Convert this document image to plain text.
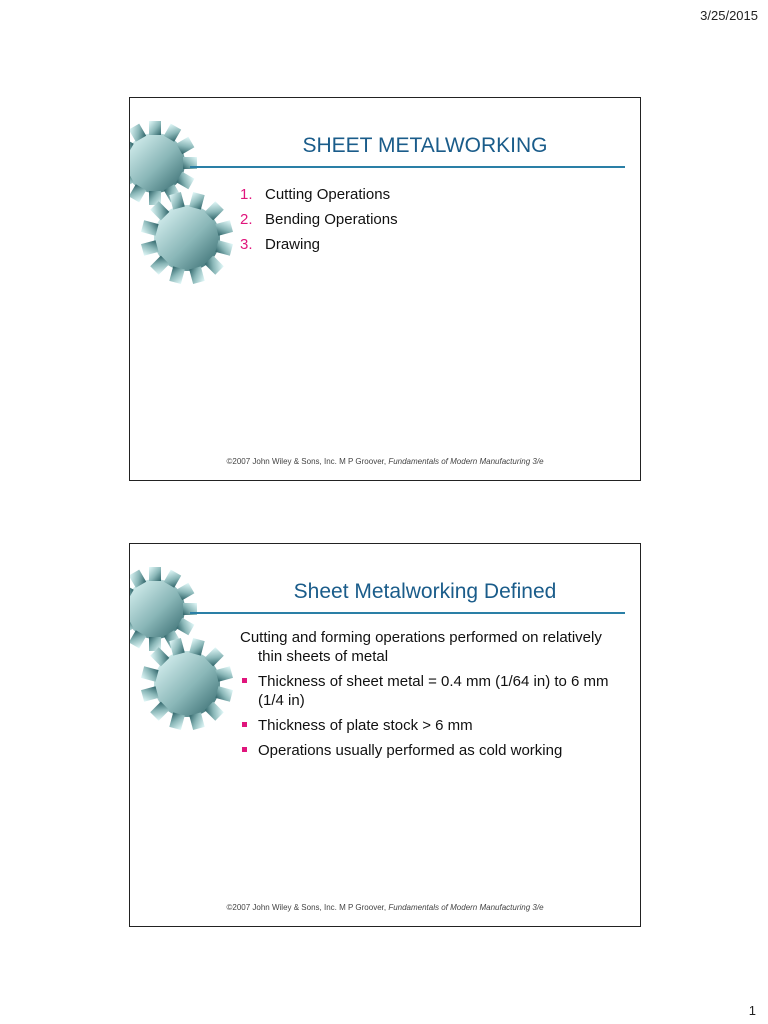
3/25/2015
SHEET METALWORKING
1. Cutting Operations
2. Bending Operations
3. Drawing
©2007 John Wiley & Sons, Inc. M P Groover, Fundamentals of Modern Manufacturing 3/e
Sheet Metalworking Defined

Cutting and forming operations performed on relatively thin sheets of metal

Thickness of sheet metal = 0.4 mm (1/64 in) to 6 mm (1/4 in)
Thickness of plate stock > 6 mm
Operations usually performed as cold working
©2007 John Wiley & Sons, Inc. M P Groover, Fundamentals of Modern Manufacturing 3/e
1
